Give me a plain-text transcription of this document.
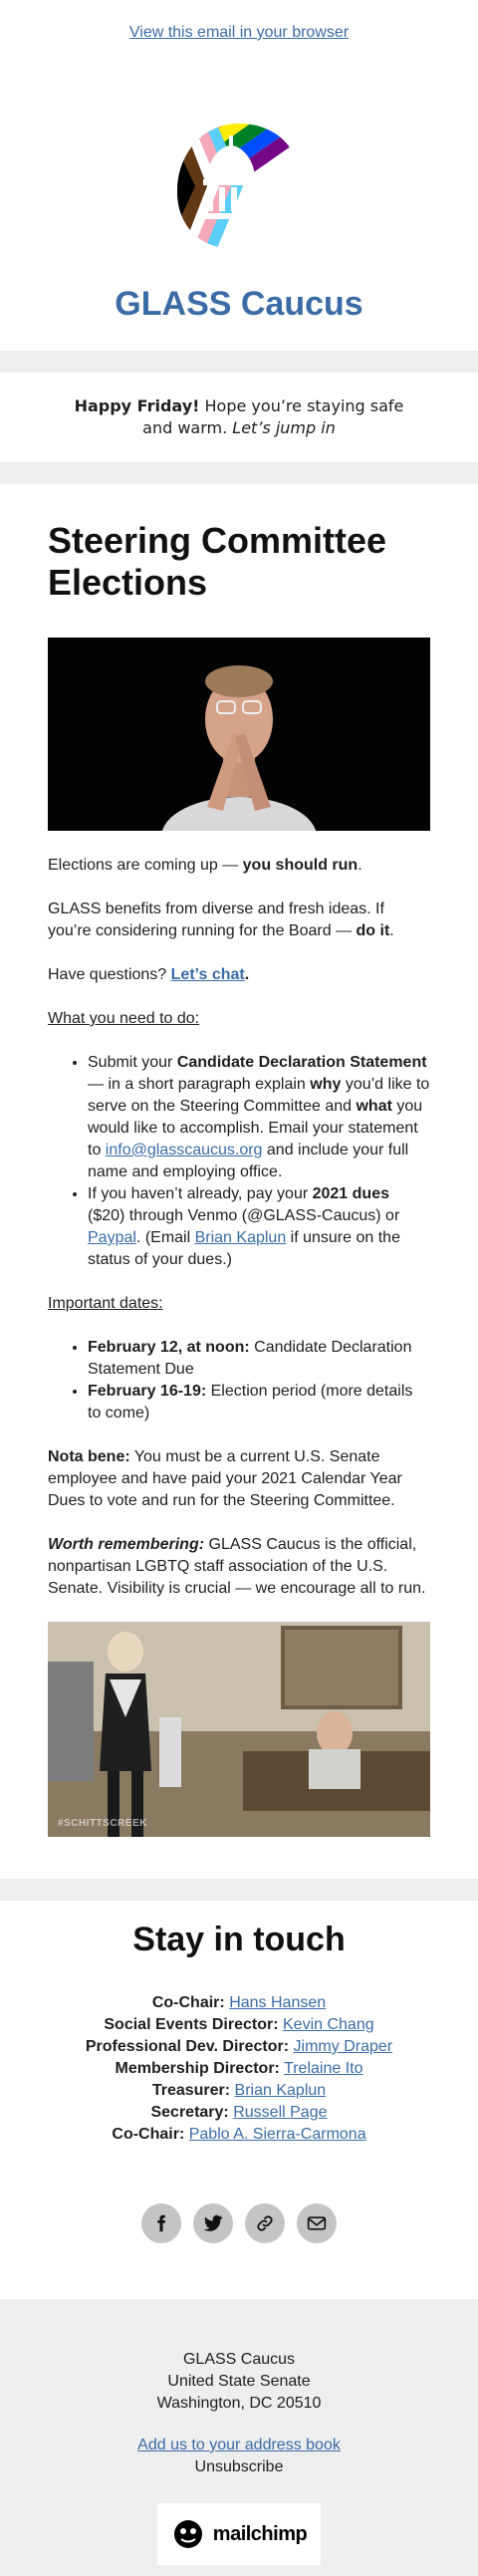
View this email in your browser
GLASS Caucus
Happy Friday! Hope you’re staying safe and warm. Let’s jump in
Steering Committee Elections

Elections are coming up — you should run.

GLASS benefits from diverse and fresh ideas. If you’re considering running for the Board — do it.

Have questions? Let’s chat.

What you need to do:

• Submit your Candidate Declaration Statement — in a short paragraph explain why you’d like to serve on the Steering Committee and what you would like to accomplish. Email your statement to info@glasscaucus.org and include your full name and employing office.
• If you haven’t already, pay your 2021 dues ($20) through Venmo (@GLASS-Caucus) or Paypal. (Email Brian Kaplun if unsure on the status of your dues.)

Important dates:

• February 12, at noon: Candidate Declaration Statement Due
• February 16-19: Election period (more details to come)

Nota bene: You must be a current U.S. Senate employee and have paid your 2021 Calendar Year Dues to vote and run for the Steering Committee.

Worth remembering: GLASS Caucus is the official, nonpartisan LGBTQ staff association of the U.S. Senate. Visibility is crucial — we encourage all to run.

#SCHITTSCREEK
Stay in touch
Co-Chair: Hans Hansen
Social Events Director: Kevin Chang
Professional Dev. Director: Jimmy Draper
Membership Director: Trelaine Ito
Treasurer: Brian Kaplun
Secretary: Russell Page
Co-Chair: Pablo A. Sierra-Carmona
GLASS Caucus
United State Senate
Washington, DC 20510
Add us to your address book
Unsubscribe
mailchimp
